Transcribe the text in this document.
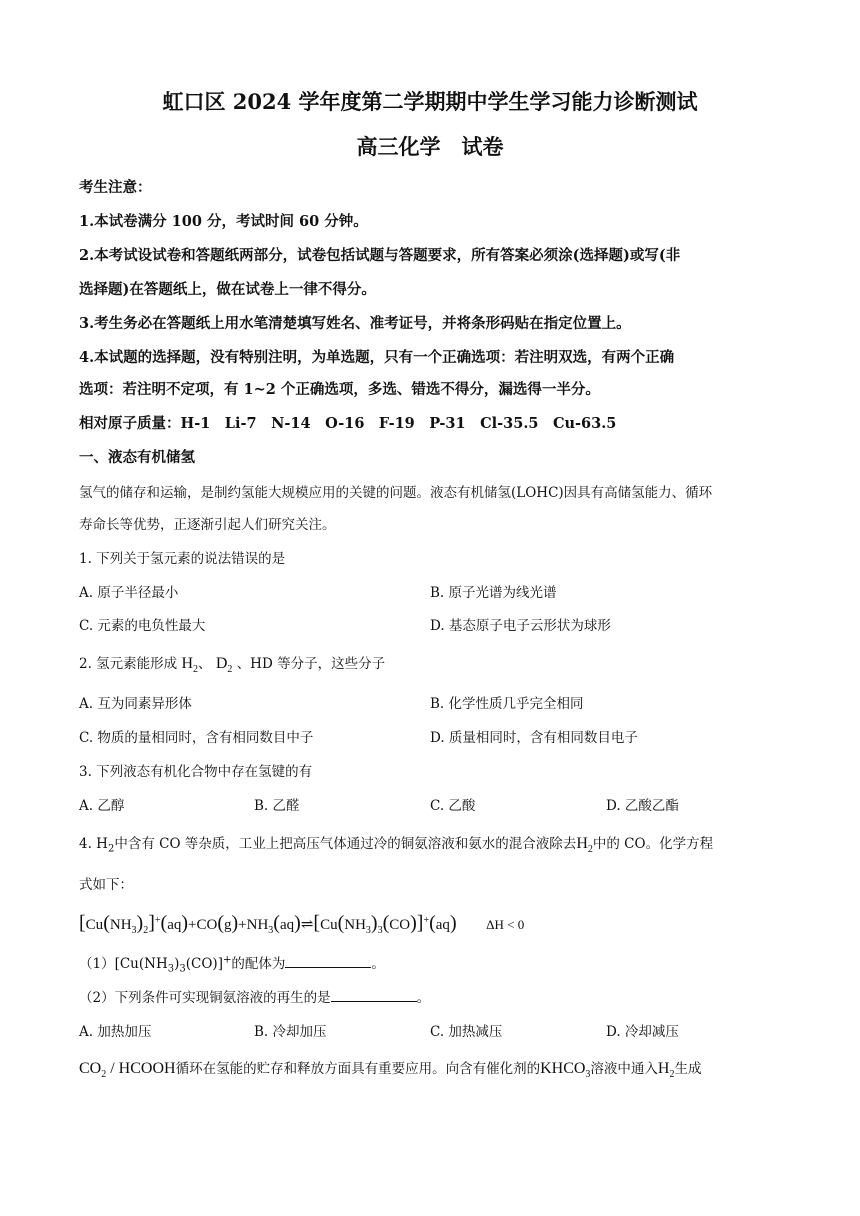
虹口区 2024 学年度第二学期期中学生学习能力诊断测试
高三化学　试卷
考生注意：
1.本试卷满分 100 分，考试时间 60 分钟。
2.本考试设试卷和答题纸两部分，试卷包括试题与答题要求，所有答案必须涂(选择题)或写(非
选择题)在答题纸上，做在试卷上一律不得分。
3.考生务必在答题纸上用水笔清楚填写姓名、准考证号，并将条形码贴在指定位置上。
4.本试题的选择题，没有特别注明，为单选题，只有一个正确选项：若注明双选，有两个正确
选项：若注明不定项，有 1~2 个正确选项，多选、错选不得分，漏选得一半分。
相对原子质量：H-1　Li-7　N-14　O-16　F-19　P-31　Cl-35.5　Cu-63.5
一、液态有机储氢
氢气的储存和运输，是制约氢能大规模应用的关键的问题。液态有机储氢(LOHC)因具有高储氢能力、循环
寿命长等优势，正逐渐引起人们研究关注。
1. 下列关于氢元素的说法错误的是
A. 原子半径最小	B. 原子光谱为线光谱
C. 元素的电负性最大	D. 基态原子电子云形状为球形
2. 氢元素能形成 $H_2$、 $D_2$ 、HD 等分子，这些分子
A. 互为同素异形体	B. 化学性质几乎完全相同
C. 物质的量相同时，含有相同数目中子	D. 质量相同时，含有相同数目电子
3. 下列液态有机化合物中存在氢键的有
A. 乙醇	B. 乙醛	C. 乙酸	D. 乙酸乙酯
4. $H_2$中含有 CO 等杂质，工业上把高压气体通过冷的铜氨溶液和氨水的混合液除去$H_2$中的 CO。化学方程
式如下：
$[Cu(NH_3)_2]^+(aq)+CO(g)+NH_3(aq)\rightleftharpoons[Cu(NH_3)_3(CO)]^+(aq) \Delta H < 0$
$(1)[Cu(NH_3)_3(CO)]^+$的配体为	。
（2）下列条件可实现铜氨溶液的再生的是	。
A. 加热加压	B. 冷却加压	C. 加热减压	D. 冷却减压
$CO_2$ / HCOOH循环在氢能的贮存和释放方面具有重要应用。向含有催化剂的$KHCO_3$溶液中通入$H_2$生成
